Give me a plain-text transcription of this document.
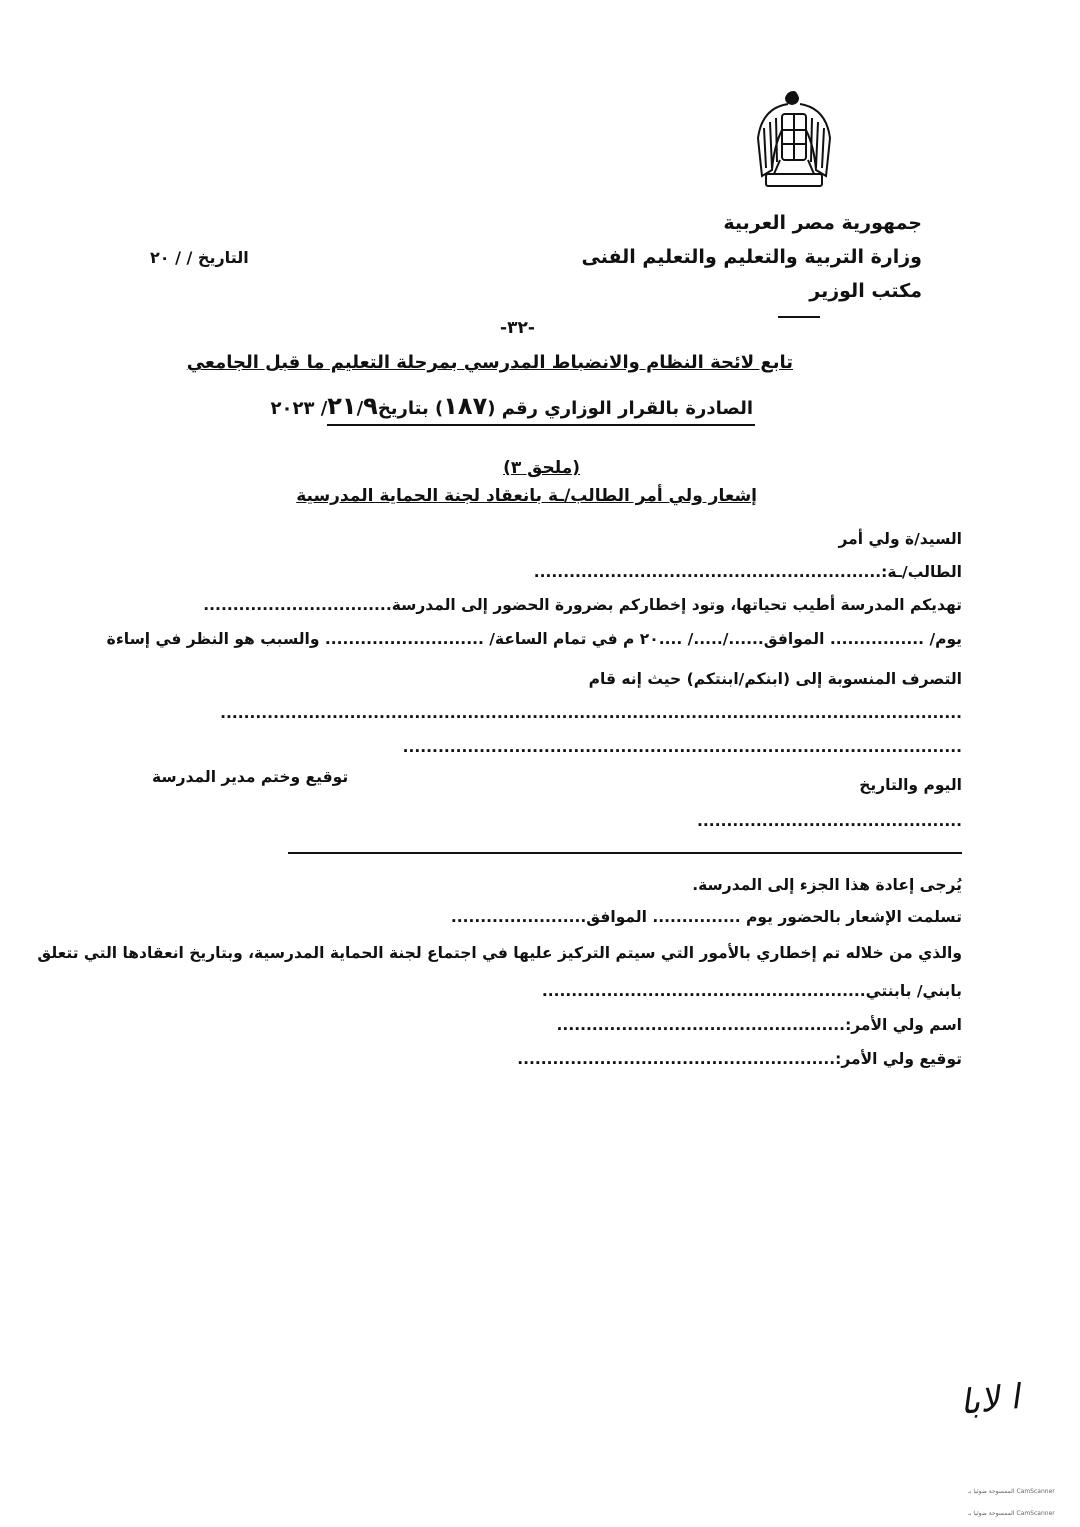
جمهورية مصر العربية
وزارة التربية والتعليم والتعليم الفنى
مكتب الوزير
التاريخ / / ٢٠
-٣٢-
تابع لائحة النظام والانضباط المدرسي بمرحلة التعليم ما قبل الجامعي
الصادرة بالقرار الوزاري رقم (١٨٧) بتاريخ٢١/٩/ ٢٠٢٣
(ملحق ٣)
إشعار ولي أمر الطالب/ـة بانعقاد لجنة الحماية المدرسية
السيد/ة ولي أمر
الطالب/ـة:...........................................................
تهديكم المدرسة أطيب تحياتها، وتود إخطاركم بضرورة الحضور إلى المدرسة................................
يوم/ ................ الموافق....../...../ ....٢٠ م في تمام الساعة/ ........................... والسبب هو النظر في إساءة
التصرف المنسوبة إلى (ابنكم/ابنتكم) حيث إنه قام
..............................................................................................................................
...............................................................................................
اليوم والتاريخ
توقيع وختم مدير المدرسة
.............................................
يُرجى إعادة هذا الجزء إلى المدرسة.
تسلمت الإشعار بالحضور يوم ............... الموافق.......................
والذي من خلاله تم إخطاري بالأمور التي سيتم التركيز عليها في اجتماع لجنة الحماية المدرسية، وبتاريخ انعقادها التي تتعلق
بابني/ بابنتي.......................................................
اسم ولي الأمر:.................................................
توقيع ولي الأمر:......................................................
ا لابا
CamScanner الممسوحة ضوئيا بـ
CamScanner الممسوحة ضوئيا بـ
